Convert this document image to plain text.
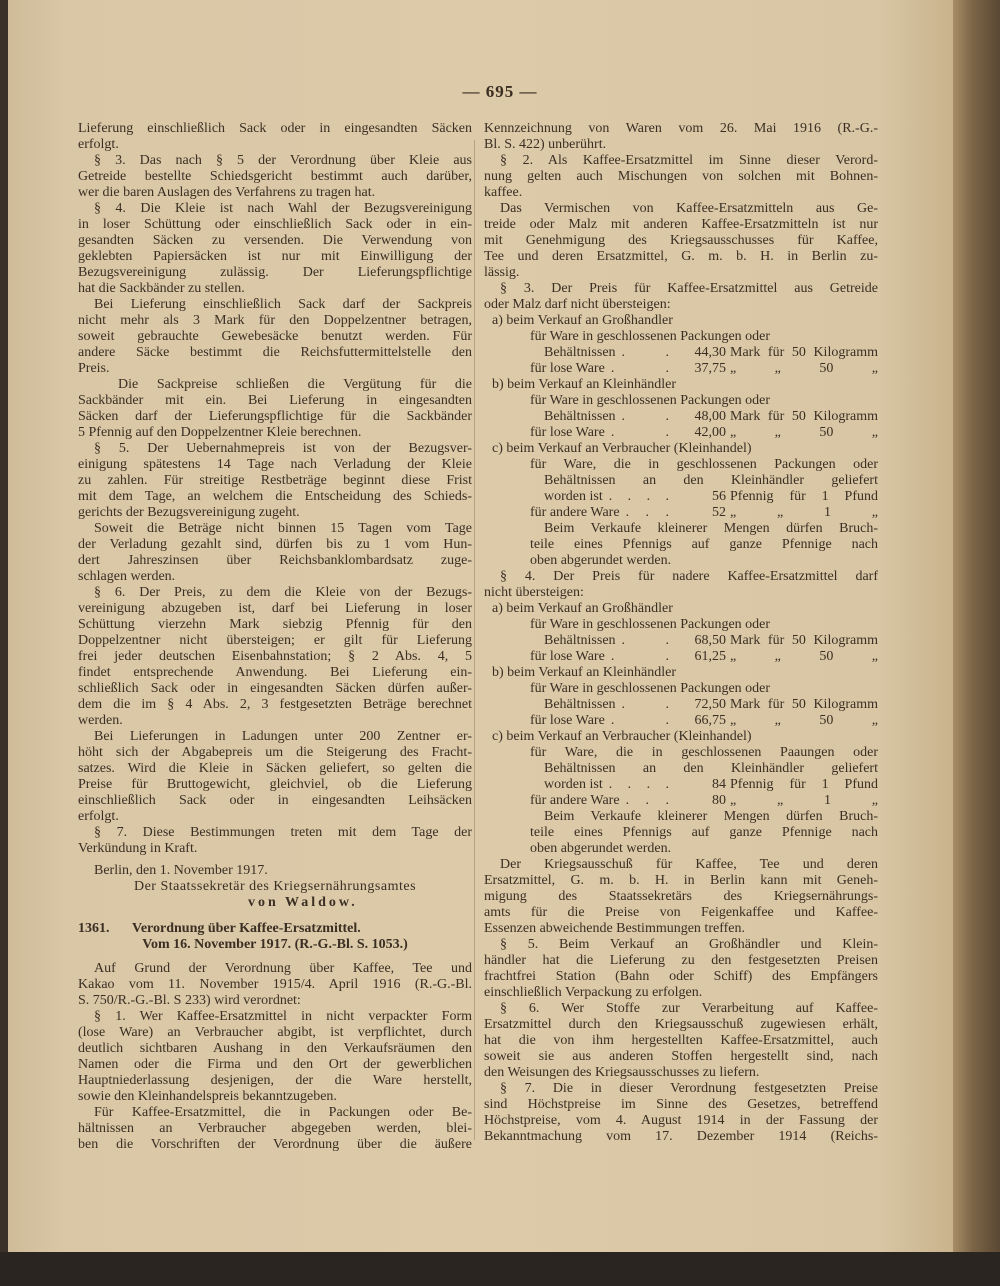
— 695 —
Lieferung einschließlich Sack oder in eingesandten Säcken
erfolgt.
§ 3. Das nach § 5 der Verordnung über Kleie aus
Getreide bestellte Schiedsgericht bestimmt auch darüber,
wer die baren Auslagen des Verfahrens zu tragen hat.
§ 4. Die Kleie ist nach Wahl der Bezugsvereinigung
in loser Schüttung oder einschließlich Sack oder in ein-
gesandten Säcken zu versenden. Die Verwendung von
geklebten Papiersäcken ist nur mit Einwilligung der
Bezugsvereinigung zulässig. Der Lieferungspflichtige
hat die Sackbänder zu stellen.
Bei Lieferung einschließlich Sack darf der Sackpreis
nicht mehr als 3 Mark für den Doppelzentner betragen,
soweit gebrauchte Gewebesäcke benutzt werden. Für
andere Säcke bestimmt die Reichsfuttermittelstelle den
Preis.
Die Sackpreise schließen die Vergütung für die
Sackbänder mit ein. Bei Lieferung in eingesandten
Säcken darf der Lieferungspflichtige für die Sackbänder
5 Pfennig auf den Doppelzentner Kleie berechnen.
§ 5. Der Uebernahmepreis ist von der Bezugsver-
einigung spätestens 14 Tage nach Verladung der Kleie
zu zahlen. Für streitige Restbeträge beginnt diese Frist
mit dem Tage, an welchem die Entscheidung des Schieds-
gerichts der Bezugsvereinigung zugeht.
Soweit die Beträge nicht binnen 15 Tagen vom Tage
der Verladung gezahlt sind, dürfen bis zu 1 vom Hun-
dert Jahreszinsen über Reichsbanklombardsatz zuge-
schlagen werden.
§ 6. Der Preis, zu dem die Kleie von der Bezugs-
vereinigung abzugeben ist, darf bei Lieferung in loser
Schüttung vierzehn Mark siebzig Pfennig für den
Doppelzentner nicht übersteigen; er gilt für Lieferung
frei jeder deutschen Eisenbahnstation; § 2 Abs. 4, 5
findet entsprechende Anwendung. Bei Lieferung ein-
schließlich Sack oder in eingesandten Säcken dürfen außer-
dem die im § 4 Abs. 2, 3 festgesetzten Beträge berechnet
werden.
Bei Lieferungen in Ladungen unter 200 Zentner er-
höht sich der Abgabepreis um die Steigerung des Fracht-
satzes. Wird die Kleie in Säcken geliefert, so gelten die
Preise für Bruttogewicht, gleichviel, ob die Lieferung
einschließlich Sack oder in eingesandten Leihsäcken
erfolgt.
§ 7. Diese Bestimmungen treten mit dem Tage der
Verkündung in Kraft.
Berlin, den 1. November 1917.
Der Staatssekretär des Kriegsernährungsamtes
von Waldow.
1361. Verordnung über Kaffee-Ersatzmittel.
Vom 16. November 1917. (R.-G.-Bl. S. 1053.)
Auf Grund der Verordnung über Kaffee, Tee und
Kakao vom 11. November 1915/4. April 1916 (R.-G.-Bl.
S. 750/R.-G.-Bl. S 233) wird verordnet:
§ 1. Wer Kaffee-Ersatzmittel in nicht verpackter Form
(lose Ware) an Verbraucher abgibt, ist verpflichtet, durch
deutlich sichtbaren Aushang in den Verkaufsräumen den
Namen oder die Firma und den Ort der gewerblichen
Hauptniederlassung desjenigen, der die Ware herstellt,
sowie den Kleinhandelspreis bekanntzugeben.
Für Kaffee-Ersatzmittel, die in Packungen oder Be-
hältnissen an Verbraucher abgegeben werden, blei-
ben die Vorschriften der Verordnung über die äußere
Kennzeichnung von Waren vom 26. Mai 1916 (R.-G.-
Bl. S. 422) unberührt.
§ 2. Als Kaffee-Ersatzmittel im Sinne dieser Verord-
nung gelten auch Mischungen von solchen mit Bohnen-
kaffee.
Das Vermischen von Kaffee-Ersatzmitteln aus Ge-
treide oder Malz mit anderen Kaffee-Ersatzmitteln ist nur
mit Genehmigung des Kriegsausschusses für Kaffee,
Tee und deren Ersatzmittel, G. m. b. H. in Berlin zu-
lässig.
§ 3. Der Preis für Kaffee-Ersatzmittel aus Getreide
oder Malz darf nicht übersteigen:
a) beim Verkauf an Großhandler
für Ware in geschlossenen Packungen oder
Behältnissen . .	44,30 Mark für 50 Kilogramm
für lose Ware . .	37,75 „ „ 50 „
b) beim Verkauf an Kleinhändler
für Ware in geschlossenen Packungen oder
Behältnissen . .	48,00 Mark für 50 Kilogramm
für lose Ware . .	42,00 „ „ 50 „
c) beim Verkauf an Verbraucher (Kleinhandel)
für Ware, die in geschlossenen Packungen oder
Behältnissen an den Kleinhändler geliefert
worden ist . . . .	56 Pfennig für 1 Pfund
für andere Ware . . .	52 „ „ 1 „
Beim Verkaufe kleinerer Mengen dürfen Bruch-
teile eines Pfennigs auf ganze Pfennige nach
oben abgerundet werden.
§ 4. Der Preis für nadere Kaffee-Ersatzmittel darf
nicht übersteigen:
a) beim Verkauf an Großhändler
für Ware in geschlossenen Packungen oder
Behältnissen . .	68,50 Mark für 50 Kilogramm
für lose Ware . .	61,25 „ „ 50 „
b) beim Verkauf an Kleinhändler
für Ware in geschlossenen Packungen oder
Behältnissen . .	72,50 Mark für 50 Kilogramm
für lose Ware . .	66,75 „ „ 50 „
c) beim Verkauf an Verbraucher (Kleinhandel)
für Ware, die in geschlossenen Paaungen oder
Behältnissen an den Kleinhändler geliefert
worden ist . . . .	84 Pfennig für 1 Pfund
für andere Ware . . .	80 „ „ 1 „
Beim Verkaufe kleinerer Mengen dürfen Bruch-
teile eines Pfennigs auf ganze Pfennige nach
oben abgerundet werden.
Der Kriegsausschuß für Kaffee, Tee und deren
Ersatzmittel, G. m. b. H. in Berlin kann mit Geneh-
migung des Staatssekretärs des Kriegsernährungs-
amts für die Preise von Feigenkaffee und Kaffee-
Essenzen abweichende Bestimmungen treffen.
§ 5. Beim Verkauf an Großhändler und Klein-
händler hat die Lieferung zu den festgesetzten Preisen
frachtfrei Station (Bahn oder Schiff) des Empfängers
einschließlich Verpackung zu erfolgen.
§ 6. Wer Stoffe zur Verarbeitung auf Kaffee-
Ersatzmittel durch den Kriegsausschuß zugewiesen erhält,
hat die von ihm hergestellten Kaffee-Ersatzmittel, auch
soweit sie aus anderen Stoffen hergestellt sind, nach
den Weisungen des Kriegsausschusses zu liefern.
§ 7. Die in dieser Verordnung festgesetzten Preise
sind Höchstpreise im Sinne des Gesetzes, betreffend
Höchstpreise, vom 4. August 1914 in der Fassung der
Bekanntmachung vom 17. Dezember 1914 (Reichs-
